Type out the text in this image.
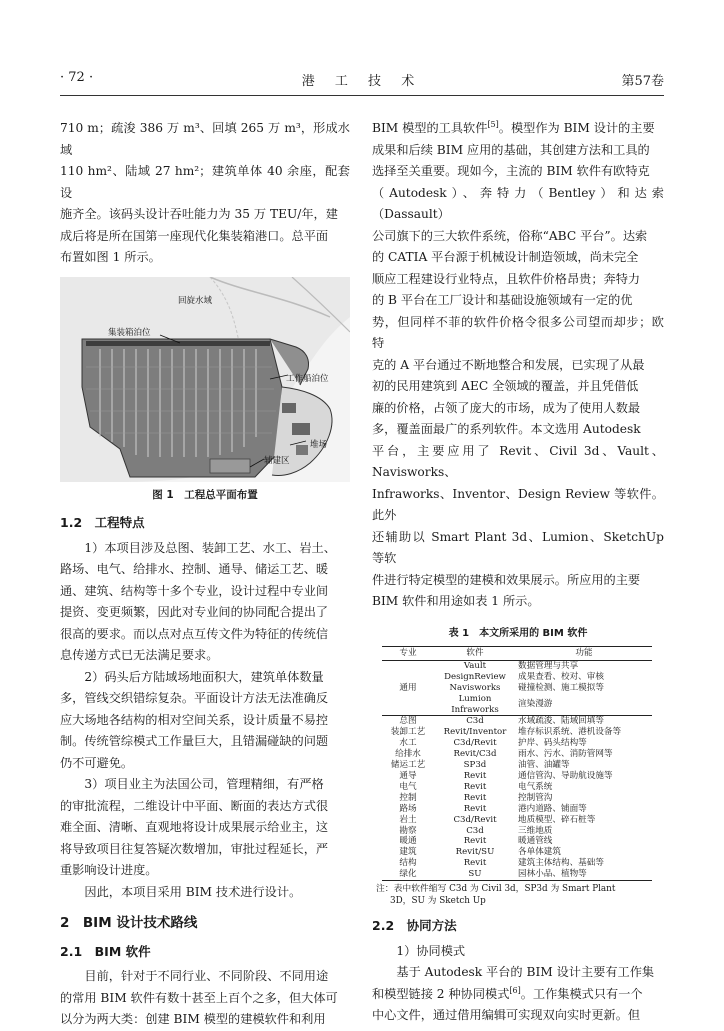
· 72 ·	港 工 技 术	第57卷

710 m；疏浚 386 万 m³、回填 265 万 m³，形成水域
110 hm²、陆域 27 hm²；建筑单体 40 余座，配套设
施齐全。该码头设计吞吐能力为 35 万 TEU/年，建
成后将是所在国第一座现代化集装箱港口。总平面
布置如图 1 所示。

回旋水域
集装箱泊位
工作船泊位
堆场
辅建区
图 1　工程总平面布置
1.2　工程特点

1）本项目涉及总图、装卸工艺、水工、岩土、
路场、电气、给排水、控制、通导、储运工艺、暖
通、建筑、结构等十多个专业，设计过程中专业间
提资、变更频繁，因此对专业间的协同配合提出了
很高的要求。而以点对点互传文件为特征的传统信
息传递方式已无法满足要求。

2）码头后方陆域场地面积大，建筑单体数量
多，管线交织错综复杂。平面设计方法无法准确反
应大场地各结构的相对空间关系，设计质量不易控
制。传统管综模式工作量巨大，且错漏碰缺的问题
仍不可避免。

3）项目业主为法国公司，管理精细，有严格
的审批流程，二维设计中平面、断面的表达方式很
难全面、清晰、直观地将设计成果展示给业主，这
将导致项目往复答疑次数增加，审批过程延长，严
重影响设计进度。

因此，本项目采用 BIM 技术进行设计。

2　BIM 设计技术路线
2.1　BIM 软件

目前，针对于不同行业、不同阶段、不同用途
的常用 BIM 软件有数十甚至上百个之多，但大体可
以分为两大类：创建 BIM 模型的建模软件和利用

BIM 模型的工具软件[5]。模型作为 BIM 设计的主要
成果和后续 BIM 应用的基础，其创建方法和工具的
选择至关重要。现如今，主流的 BIM 软件有欧特克
（Autodesk）、奔特力（Bentley）和达索（Dassault）
公司旗下的三大软件系统，俗称“ABC 平台”。达索
的 CATIA 平台源于机械设计制造领域，尚未完全
顺应工程建设行业特点，且软件价格昂贵；奔特力
的 B 平台在工厂设计和基础设施领域有一定的优
势，但同样不菲的软件价格令很多公司望而却步；欧特
克的 A 平台通过不断地整合和发展，已实现了从最
初的民用建筑到 AEC 全领域的覆盖，并且凭借低
廉的价格，占领了庞大的市场，成为了使用人数最
多，覆盖面最广的系列软件。本文选用 Autodesk
平台，主要应用了 Revit、Civil 3d、Vault、Navisworks、
Infraworks、Inventor、Design Review 等软件。此外
还辅助以 Smart Plant 3d、Lumion、SketchUp 等软
件进行特定模型的建模和效果展示。所应用的主要
BIM 软件和用途如表 1 所示。

表 1　本文所采用的 BIM 软件
专业	软件	功能
通用	Vault	数据管理与共享
	DesignReview	成果查看、校对、审核
	Navisworks	碰撞检测、施工模拟等
	Lumion
Infraworks	渲染漫游
总图	C3d	水域疏浚、陆域回填等
装卸工艺	Revit/Inventor	堆存标识系统、港机设备等
水工	C3d/Revit	护岸、码头结构等
给排水	Revit/C3d	雨水、污水、消防管网等
储运工艺	SP3d	油管、油罐等
通导	Revit	通信管沟、导助航设施等
电气	Revit	电气系统
控制	Revit	控制管沟
路场	Revit	港内道路、铺面等
岩土	C3d/Revit	地质模型、碎石桩等
勘察	C3d	三维地质
暖通	Revit	暖通管线
建筑	Revit/SU	各单体建筑
结构	Revit	建筑主体结构、基础等
绿化	SU	园林小品、植物等
注：表中软件缩写 C3d 为 Civil 3d，SP3d 为 Smart Plant
3D，SU 为 Sketch Up
2.2　协同方法

1）协同模式

基于 Autodesk 平台的 BIM 设计主要有工作集
和模型链接 2 种协同模式[6]。工作集模式只有一个
中心文件，通过借用编辑可实现双向实时更新。但
